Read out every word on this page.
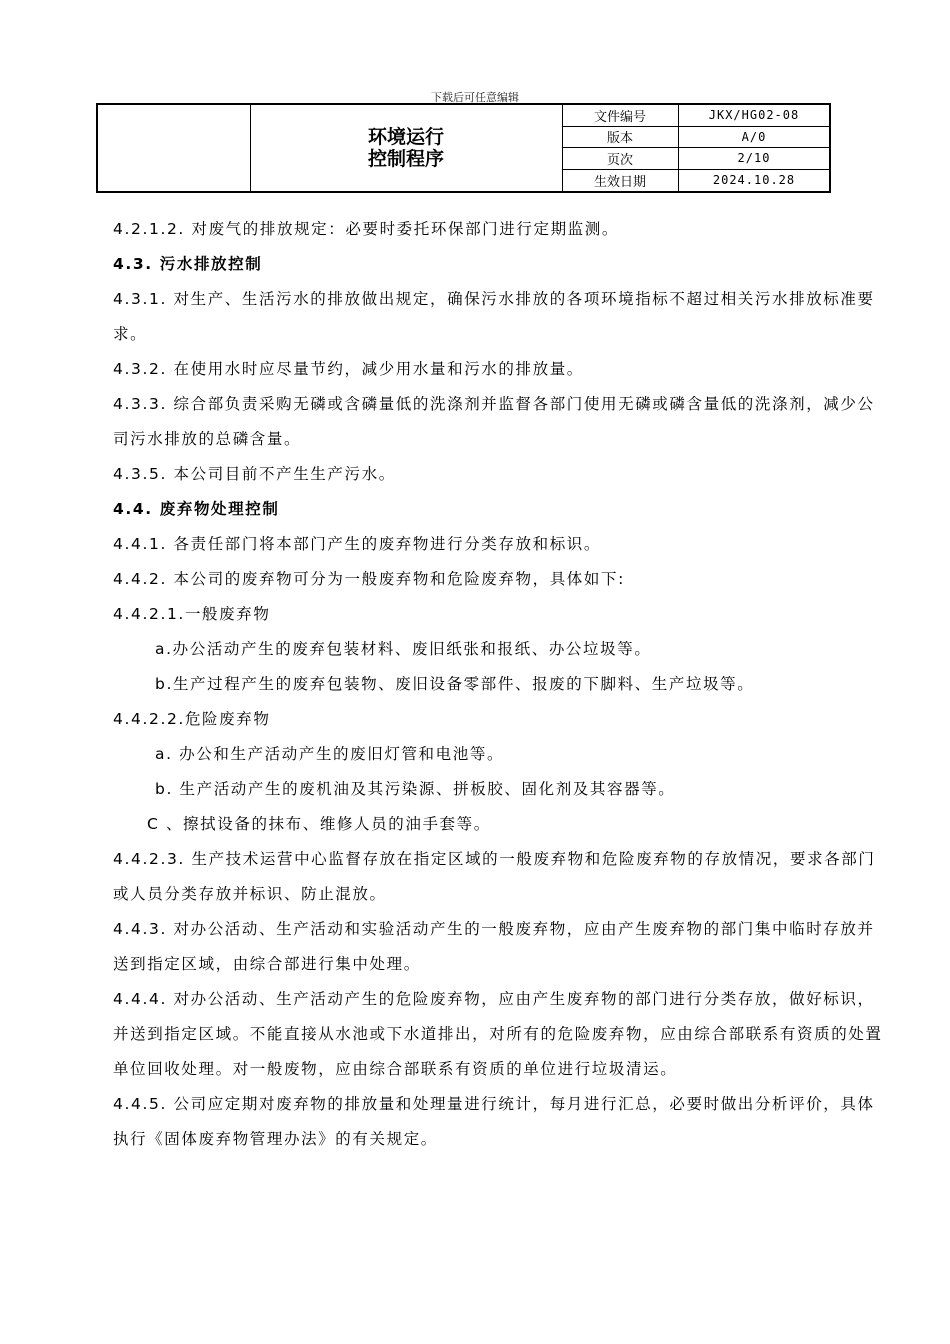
下载后可任意编辑
环境运行
控制程序
文件编号	JKX/HG02-08
版本	A/0
页次	2/10
生效日期	2024.10.28

4.2.1.2. 对废气的排放规定：必要时委托环保部门进行定期监测。

4.3. 污水排放控制

4.3.1. 对生产、生活污水的排放做出规定，确保污水排放的各项环境指标不超过相关污水排放标准要求。

4.3.2. 在使用水时应尽量节约，减少用水量和污水的排放量。

4.3.3. 综合部负责采购无磷或含磷量低的洗涤剂并监督各部门使用无磷或磷含量低的洗涤剂，减少公司污水排放的总磷含量。

4.3.5. 本公司目前不产生生产污水。

4.4. 废弃物处理控制

4.4.1. 各责任部门将本部门产生的废弃物进行分类存放和标识。

4.4.2. 本公司的废弃物可分为一般废弃物和危险废弃物，具体如下:

4.4.2.1.一般废弃物

a.办公活动产生的废弃包装材料、废旧纸张和报纸、办公垃圾等。

b.生产过程产生的废弃包装物、废旧设备零部件、报废的下脚料、生产垃圾等。

4.4.2.2.危险废弃物

a. 办公和生产活动产生的废旧灯管和电池等。

b. 生产活动产生的废机油及其污染源、拼板胶、固化剂及其容器等。

C 、擦拭设备的抹布、维修人员的油手套等。

4.4.2.3. 生产技术运营中心监督存放在指定区域的一般废弃物和危险废弃物的存放情况，要求各部门或人员分类存放并标识、防止混放。

4.4.3. 对办公活动、生产活动和实验活动产生的一般废弃物，应由产生废弃物的部门集中临时存放并送到指定区域，由综合部进行集中处理。

4.4.4. 对办公活动、生产活动产生的危险废弃物，应由产生废弃物的部门进行分类存放，做好标识，并送到指定区域。不能直接从水池或下水道排出，对所有的危险废弃物，应由综合部联系有资质的处置单位回收处理。对一般废物，应由综合部联系有资质的单位进行垃圾清运。

4.4.5. 公司应定期对废弃物的排放量和处理量进行统计，每月进行汇总，必要时做出分析评价，具体执行《固体废弃物管理办法》的有关规定。
